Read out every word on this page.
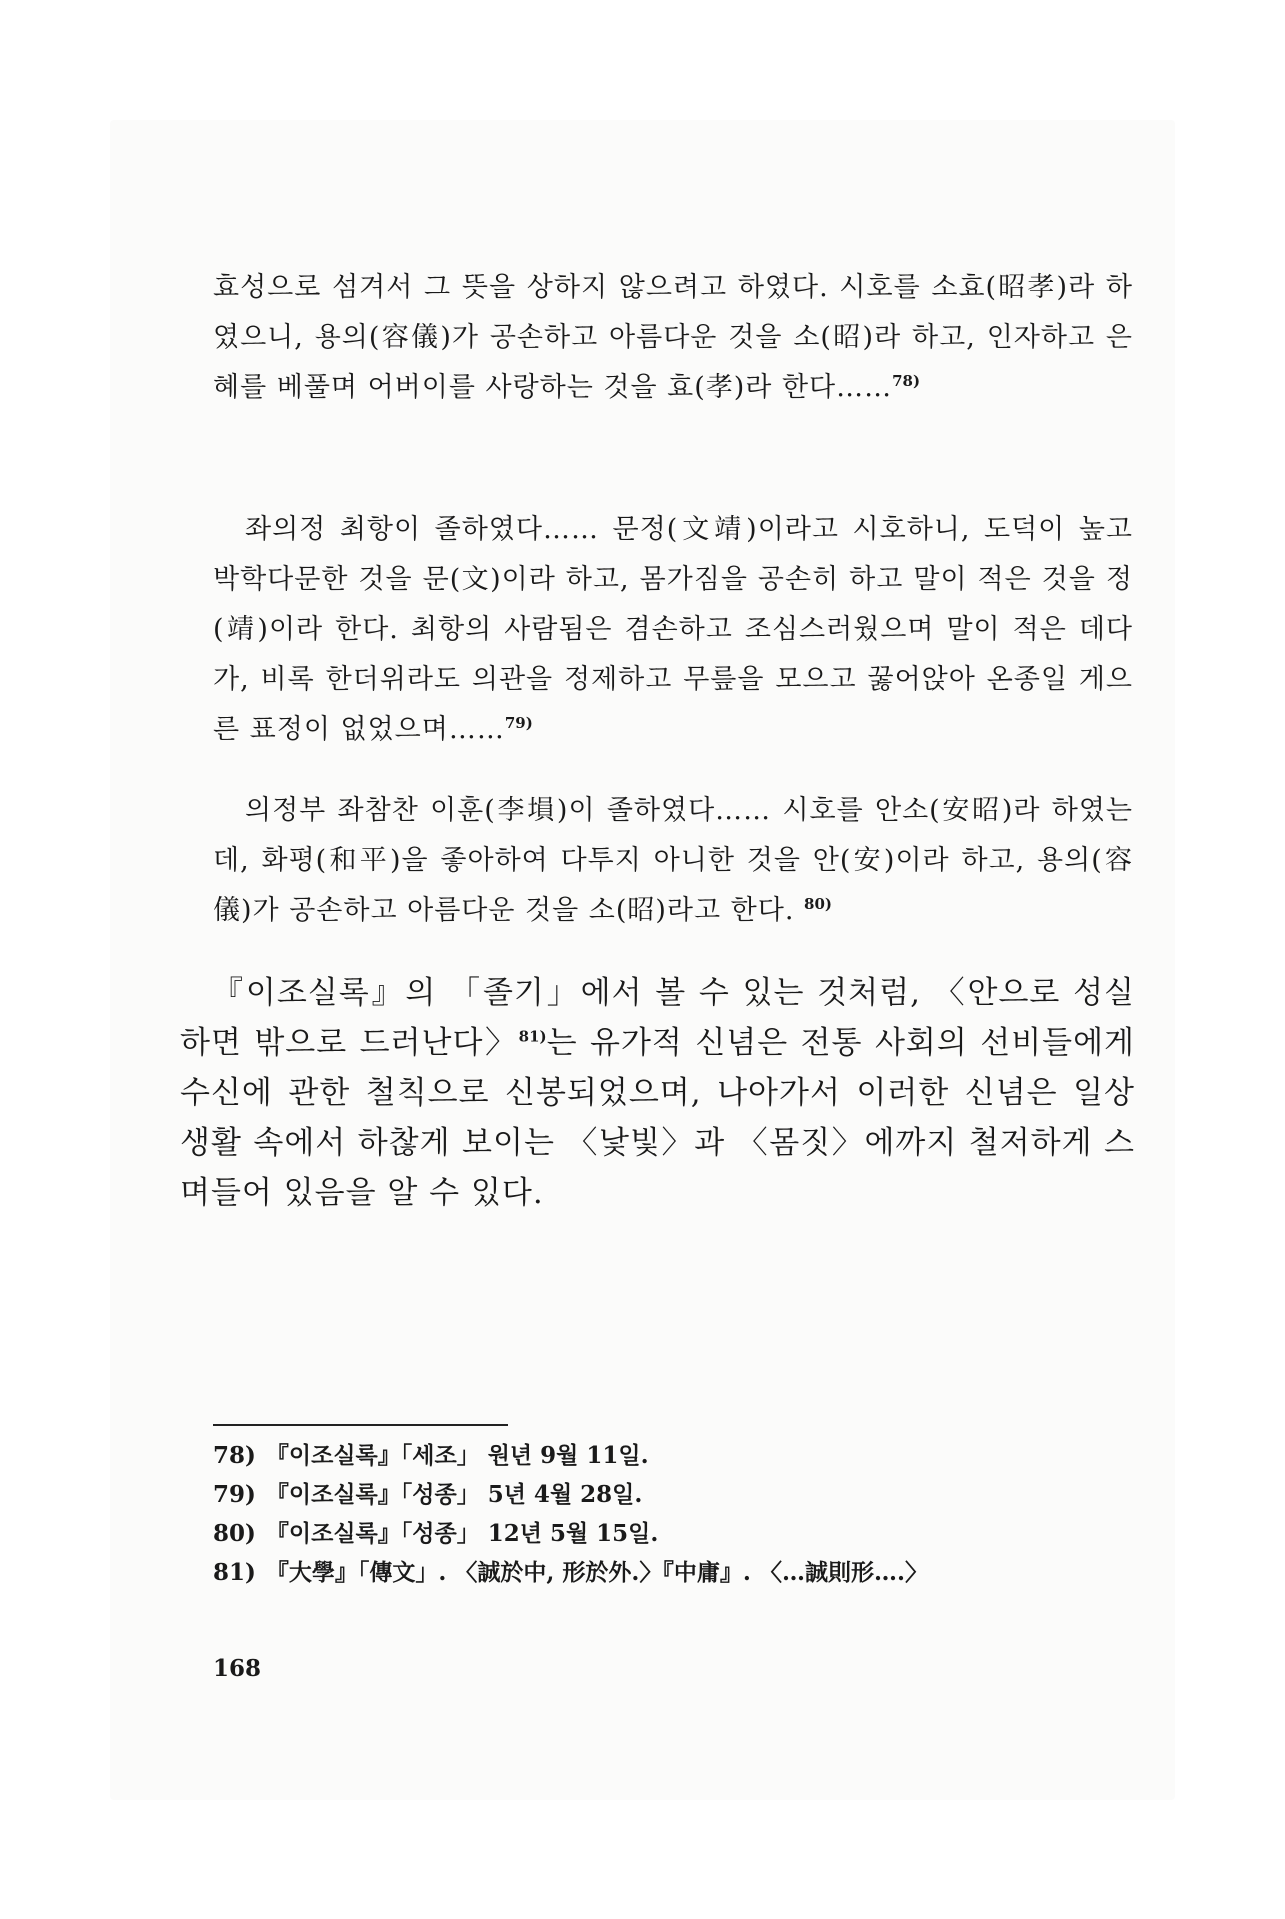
효성으로 섬겨서 그 뜻을 상하지 않으려고 하였다. 시호를 소효(昭孝)라 하였으니, 용의(容儀)가 공손하고 아름다운 것을 소(昭)라 하고, 인자하고 은혜를 베풀며 어버이를 사랑하는 것을 효(孝)라 한다……$^{78)}$

좌의정 최항이 졸하였다…… 문정(文靖)이라고 시호하니, 도덕이 높고 박학다문한 것을 문(文)이라 하고, 몸가짐을 공손히 하고 말이 적은 것을 정(靖)이라 한다. 최항의 사람됨은 겸손하고 조심스러웠으며 말이 적은 데다가, 비록 한더위라도 의관을 정제하고 무릎을 모으고 꿇어앉아 온종일 게으른 표정이 없었으며……$^{79)}$

의정부 좌참찬 이훈(李塤)이 졸하였다…… 시호를 안소(安昭)라 하였는데, 화평(和平)을 좋아하여 다투지 아니한 것을 안(安)이라 하고, 용의(容儀)가 공손하고 아름다운 것을 소(昭)라고 한다. $^{80)}$

『이조실록』의 「졸기」에서 볼 수 있는 것처럼, 〈안으로 성실하면 밖으로 드러난다〉$^{81)}$는 유가적 신념은 전통 사회의 선비들에게 수신에 관한 철칙으로 신봉되었으며, 나아가서 이러한 신념은 일상 생활 속에서 하찮게 보이는 〈낯빛〉과 〈몸짓〉에까지 철저하게 스며들어 있음을 알 수 있다.

78) 『이조실록』「세조」 원년 9월 11일.
79) 『이조실록』「성종」 5년 4월 28일.
80) 『이조실록』「성종」 12년 5월 15일.
81) 『大學』「傳文」. 〈誠於中, 形於外.〉『中庸』. 〈…誠則形….〉
168
